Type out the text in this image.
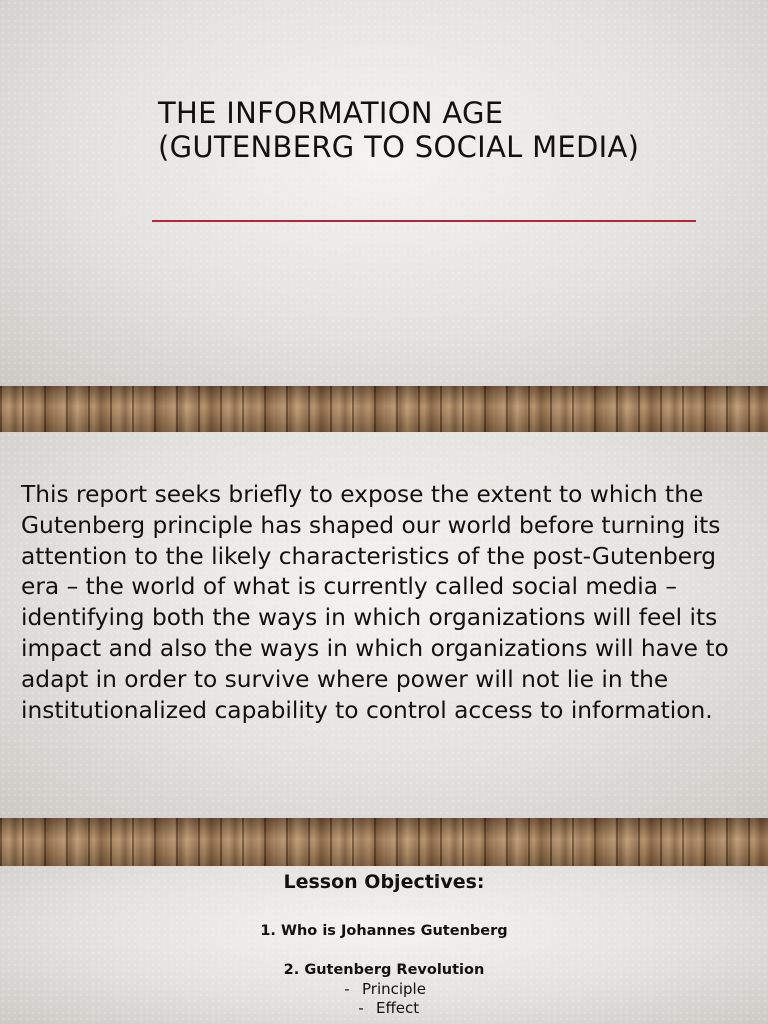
THE INFORMATION AGE
(GUTENBERG TO SOCIAL MEDIA)

This report seeks briefly to expose the extent to which the Gutenberg principle has shaped our world before turning its attention to the likely characteristics of the post-Gutenberg era – the world of what is currently called social media – identifying both the ways in which organizations will feel its impact and also the ways in which organizations will have to adapt in order to survive where power will not lie in the institutionalized capability to control access to information.

Lesson Objectives:

1. Who is Johannes Gutenberg

2. Gutenberg Revolution

- Principle

- Effect
